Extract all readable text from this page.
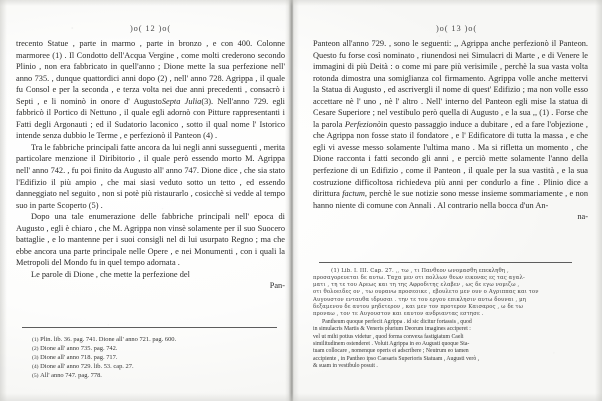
)o( 12 )o(

trecento Statue , parte in marmo , parte in bronzo , e con 400. Colonne marmoree (1) . Il Condotto dell'Acqua Vergine , come molti crederono secondo Plinio , non era fabbricato in quell'anno ; Dione mette la sua perfezione nell' anno 735. , dunque quattordici anni dopo (2) , nell' anno 728. Agrippa , il quale fu Consol e per la seconda , e terza volta nei due anni precedenti , consacrò i Septi , e li nominò in onore d' AugustoSepta Julia(3). Nell'anno 729. egli fabbricò il Portico di Nettuno , il quale egli adornò con Pitture rappresentanti i Fatti degli Argonauti ; ed il Sudatorio laconico , sotto il qual nome l' Istorico intende senza dubbio le Terme , e perfezionò il Panteon (4) .

Tra le fabbriche principali fatte ancora da lui negli anni susseguenti , merita particolare menzione il Diribitorio , il quale però essendo morto M. Agrippa nell' anno 742. , fu poi finito da Augusto all' anno 747. Dione dice , che sia stato l'Edifizio il più ampio , che mai siasi veduto sotto un tetto , ed essendo danneggiato nel seguito , non si potè più ristaurarlo , cosicchè si vedde al tempo suo in parte Scoperto (5) .

Dopo una tale enumerazione delle fabbriche principali nell' epoca di Augusto , egli è chiaro , che M. Agrippa non vinsè solamente per il suo Suocero battaglie , e lo mantenne per i suoi consigli nel di lui usurpato Regno ; ma che ebbe ancora una parte principale nelle Opere , e nei Monumenti , con i quali la Metropoli del Mondo fu in quel tempo adornata .

Le parole di Dione , che mette la perfezione del

Pan-

(1) Plin. lib. 36. pag. 741. Dione all' anno 721. pag. 600.

(2) Dione all' anno 735. pag. 742.

(3) Dione all' anno 718. pag. 717.

(4) Dione all' anno 729. lib. 53. cap. 27.

(5) All' anno 747. pag. 778.

)o( 13 )o(

Panteon all'anno 729. , sono le seguenti: ,, Agrippa anche perfezionò il Panteon. Questo fu forse così nominato , riunendosi nei Simulacri di Marte , e di Venere le immagini di più Deità : o come mi pare più verisimile , perchè la sua vasta volta rotonda dimostra una somiglianza col firmamento. Agrippa volle anche mettervi la Statua di Augusto , ed ascrivergli il nome di quest' Edifizio ; ma non volle esso accettare nè l' uno , nè l' altro . Nell' interno del Panteon egli mise la statua di Cesare Superiore ; nel vestibulo però quella di Augusto , e la sua ,, (1) . Forse che la parola Perfezionòin questo passaggio induce a dubitare , ed a fare l'objezione , che Agrippa non fosse stato il fondatore , e l' Edificatore di tutta la massa , e che egli vi avesse messo solamente l'ultima mano . Ma si rifletta un momento , che Dione racconta i fatti secondo gli anni , e perciò mette solamente l'anno della perfezione di un Edifizio , come il Panteon , il quale per la sua vastità , e la sua costruzione difficoltosa richiedeva più anni per condurlo a fine . Plinio dice a dirittura factum, perchè le sue notizie sono messe insieme sommariamente , e non hanno niente di comune con Annali . Al contrario nella bocca d'un An-

na-

(1) Lib. I. III. Cap. 27. ,, τω , τι Πανθεον ωνομασθη επεκληθη ,

προσαγορευεται δε αυτω. Ταχα μεν οτι πολλων θεων εικονας ες τας αγαλ-

ματι , τη τε του Αρεως και τη της Αφροδιτης ελαβεν , ως δε εγω νομιζω ,

οτι θολοειδες ον , τω ουρανω προσεοικε , εβουλετο μεν ουν ο Αγριππας και τον

Αυγουστον ενταυθα ιδρυσαι . την τε του εργου επικλησιν αυτω δουναι , μη

δεξαμενου δε αυτου μηδετερον , και μεν τον προτερον Καισαρος , ω δε τω

προναω , τον τε Αυγουστον και εαυτον ανδριαντας εστησε .

Pantheum quoque perfecit Agrippa . id sic dicitur fortassis , quod

in simulacris Martis & Veneris plurium Deorum imagines acciperet :

vel ut mihi potius videtur , quod forma convexa fastigiatum Caeli

similitudinem ostenderet . Voluit Agrippa in eo Augusti quoque Sta-

tuam collocare , nomenque operis ei adscribere ; Neutrum eo tamen

accipiente , in Pantheo ipso Caesaris Superioris Statuam , Augusti verò ,

& suam in vestibulo posuit .
